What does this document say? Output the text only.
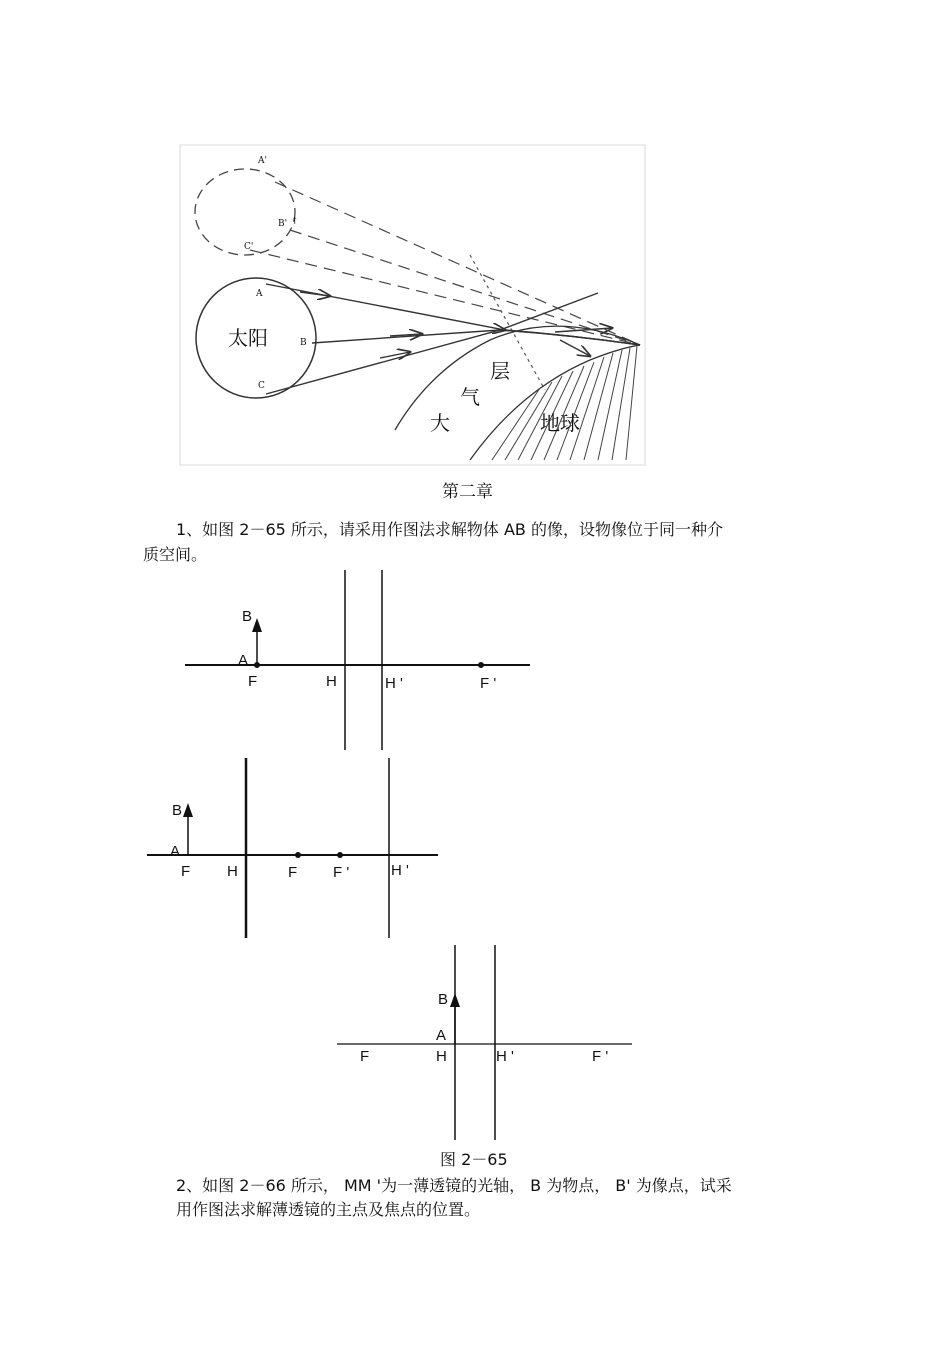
A'
B' ↑
C'
A
B
C
太阳
大
气
层
地球
第二章
1、如图 2－65 所示，请采用作图法求解物体 AB 的像，设物像位于同一种介
质空间。
B
A
F	H	H '	F '
B
A
F H	F F '	H '
B
A
F	H	H '	F '
图 2－65
2、如图 2－66 所示， MM '为一薄透镜的光轴， B 为物点， B' 为像点，试采
用作图法求解薄透镜的主点及焦点的位置。
